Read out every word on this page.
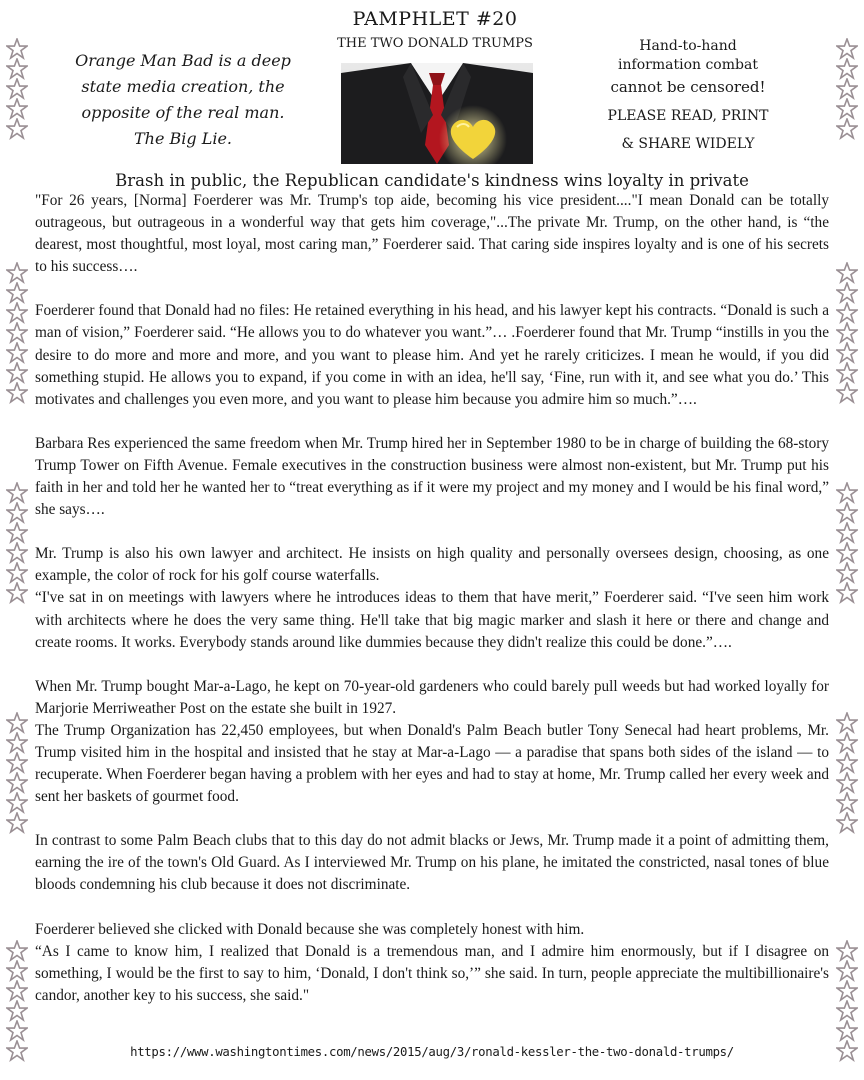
PAMPHLET #20
THE TWO DONALD TRUMPS
Orange Man Bad is a deep
state media creation, the
opposite of the real man.
The Big Lie.
Hand-to-hand
information combat
cannot be censored!
PLEASE READ, PRINT
& SHARE WIDELY
Brash in public, the Republican candidate's kindness wins loyalty in private

"For 26 years, [Norma] Foerderer was Mr. Trump's top aide, becoming his vice president...."I mean Donald can be totally outrageous, but outrageous in a wonderful way that gets him coverage,"...The private Mr. Trump, on the other hand, is “the dearest, most thoughtful, most loyal, most caring man,” Foerderer said. That caring side inspires loyalty and is one of his secrets to his success….

Foerderer found that Donald had no files: He retained everything in his head, and his lawyer kept his contracts. “Donald is such a man of vision,” Foerderer said. “He allows you to do whatever you want.”… .Foerderer found that Mr. Trump “instills in you the desire to do more and more and more, and you want to please him. And yet he rarely criticizes. I mean he would, if you did something stupid. He allows you to expand, if you come in with an idea, he'll say, ‘Fine, run with it, and see what you do.’ This motivates and challenges you even more, and you want to please him because you admire him so much.”….

Barbara Res experienced the same freedom when Mr. Trump hired her in September 1980 to be in charge of building the 68-story Trump Tower on Fifth Avenue. Female executives in the construction business were almost non-existent, but Mr. Trump put his faith in her and told her he wanted her to “treat everything as if it were my project and my money and I would be his final word,” she says….

Mr. Trump is also his own lawyer and architect. He insists on high quality and personally oversees design, choosing, as one example, the color of rock for his golf course waterfalls.

“I've sat in on meetings with lawyers where he introduces ideas to them that have merit,” Foerderer said. “I've seen him work with architects where he does the very same thing. He'll take that big magic marker and slash it here or there and change and create rooms. It works. Everybody stands around like dummies because they didn't realize this could be done.”….

When Mr. Trump bought Mar-a-Lago, he kept on 70-year-old gardeners who could barely pull weeds but had worked loyally for Marjorie Merriweather Post on the estate she built in 1927.

The Trump Organization has 22,450 employees, but when Donald's Palm Beach butler Tony Senecal had heart problems, Mr. Trump visited him in the hospital and insisted that he stay at Mar-a-Lago — a paradise that spans both sides of the island — to recuperate. When Foerderer began having a problem with her eyes and had to stay at home, Mr. Trump called her every week and sent her baskets of gourmet food.

In contrast to some Palm Beach clubs that to this day do not admit blacks or Jews, Mr. Trump made it a point of admitting them, earning the ire of the town's Old Guard. As I interviewed Mr. Trump on his plane, he imitated the constricted, nasal tones of blue bloods condemning his club because it does not discriminate.

Foerderer believed she clicked with Donald because she was completely honest with him.

“As I came to know him, I realized that Donald is a tremendous man, and I admire him enormously, but if I disagree on something, I would be the first to say to him, ‘Donald, I don't think so,’” she said. In turn, people appreciate the multibillionaire's candor, another key to his success, she said."

https://www.washingtontimes.com/news/2015/aug/3/ronald-kessler-the-two-donald-trumps/
